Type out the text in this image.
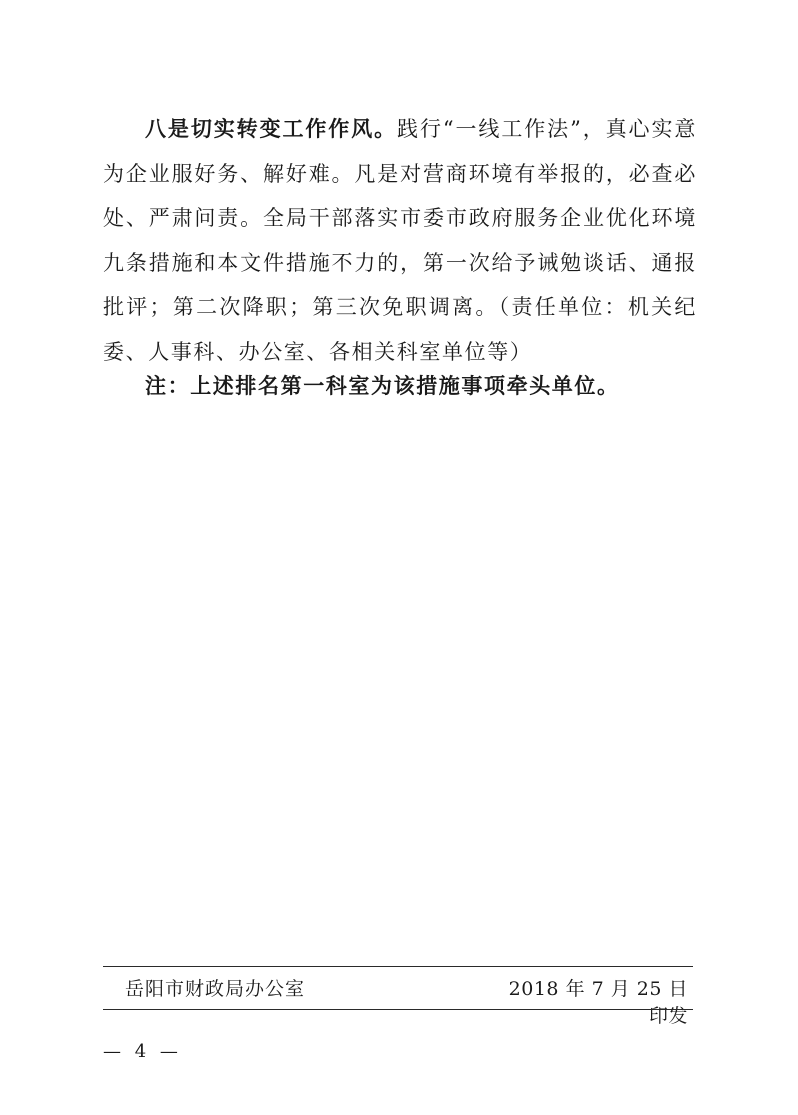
八是切实转变工作作风。践行“一线工作法”，真心实意为企业服好务、解好难。凡是对营商环境有举报的，必查必处、严肃问责。全局干部落实市委市政府服务企业优化环境九条措施和本文件措施不力的，第一次给予诫勉谈话、通报批评；第二次降职；第三次免职调离。（责任单位：机关纪委、人事科、办公室、各相关科室单位等）

注：上述排名第一科室为该措施事项牵头单位。

岳阳市财政局办公室	2018 年 7 月 25 日印发
— 4 —
